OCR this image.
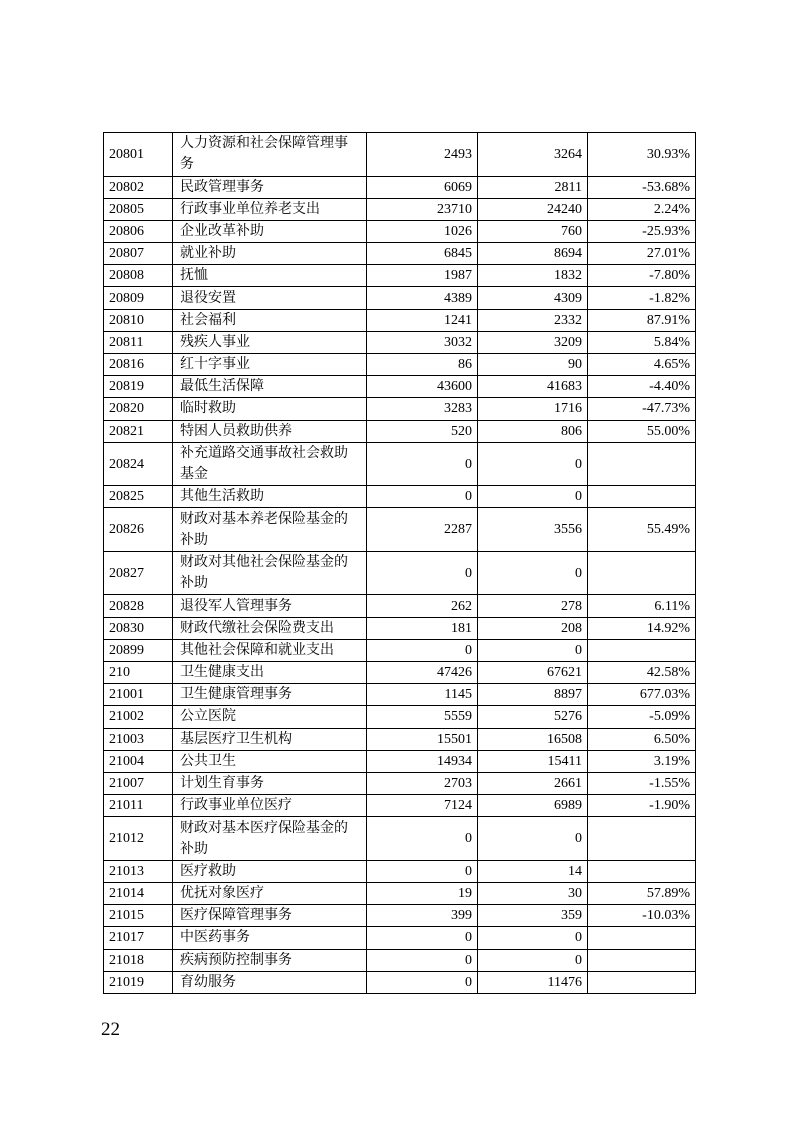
20801	人力资源和社会保障管理事务	2493	3264	30.93%
20802	民政管理事务	6069	2811	-53.68%
20805	行政事业单位养老支出	23710	24240	2.24%
20806	企业改革补助	1026	760	-25.93%
20807	就业补助	6845	8694	27.01%
20808	抚恤	1987	1832	-7.80%
20809	退役安置	4389	4309	-1.82%
20810	社会福利	1241	2332	87.91%
20811	残疾人事业	3032	3209	5.84%
20816	红十字事业	86	90	4.65%
20819	最低生活保障	43600	41683	-4.40%
20820	临时救助	3283	1716	-47.73%
20821	特困人员救助供养	520	806	55.00%
20824	补充道路交通事故社会救助基金	0	0	
20825	其他生活救助	0	0	
20826	财政对基本养老保险基金的补助	2287	3556	55.49%
20827	财政对其他社会保险基金的补助	0	0	
20828	退役军人管理事务	262	278	6.11%
20830	财政代缴社会保险费支出	181	208	14.92%
20899	其他社会保障和就业支出	0	0	
210	卫生健康支出	47426	67621	42.58%
21001	卫生健康管理事务	1145	8897	677.03%
21002	公立医院	5559	5276	-5.09%
21003	基层医疗卫生机构	15501	16508	6.50%
21004	公共卫生	14934	15411	3.19%
21007	计划生育事务	2703	2661	-1.55%
21011	行政事业单位医疗	7124	6989	-1.90%
21012	财政对基本医疗保险基金的补助	0	0	
21013	医疗救助	0	14	
21014	优抚对象医疗	19	30	57.89%
21015	医疗保障管理事务	399	359	-10.03%
21017	中医药事务	0	0	
21018	疾病预防控制事务	0	0	
21019	育幼服务	0	11476	
22
